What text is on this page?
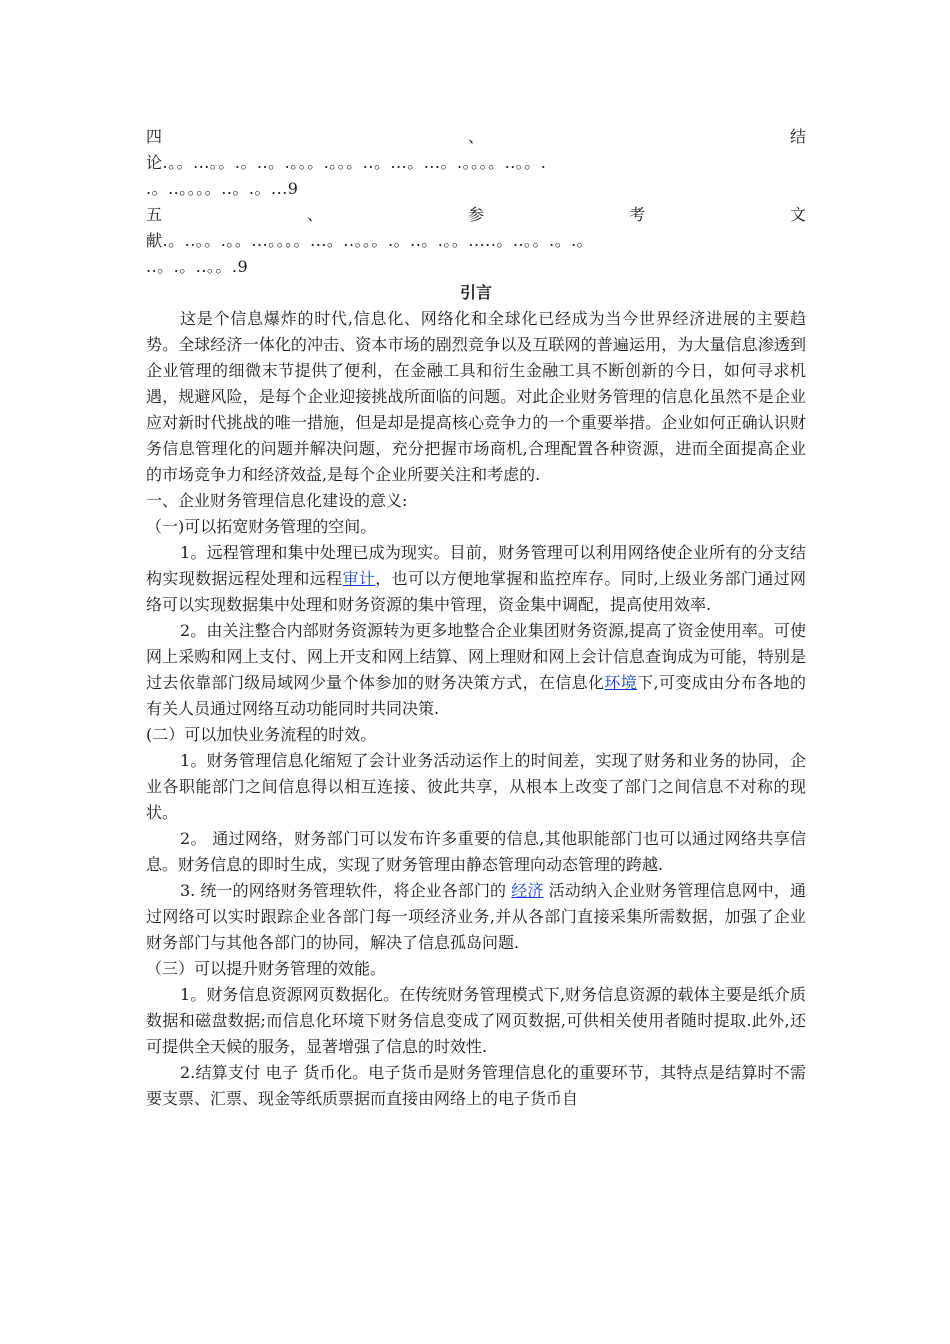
四	、	结
论.。。...。。.。..。.。。。.。。。..。...。...。.。。。。..。。.
.。..。。。。..。.。...9
五	、	参	考	文
献.。..。。.。。...。。。。...。..。。。.。..。.。。.....。..。。.。.。
..。.。..。。.9
引言

这是个信息爆炸的时代,信息化、网络化和全球化已经成为当今世界经济进展的主要趋势。全球经济一体化的冲击、资本市场的剧烈竞争以及互联网的普遍运用，为大量信息渗透到企业管理的细微末节提供了便利，在金融工具和衍生金融工具不断创新的今日，如何寻求机遇，规避风险，是每个企业迎接挑战所面临的问题。对此企业财务管理的信息化虽然不是企业应对新时代挑战的唯一措施，但是却是提高核心竞争力的一个重要举措。企业如何正确认识财务信息管理化的问题并解决问题，充分把握市场商机,合理配置各种资源，进而全面提高企业的市场竞争力和经济效益,是每个企业所要关注和考虑的.

一、企业财务管理信息化建设的意义:
（一)可以拓宽财务管理的空间。

1。远程管理和集中处理已成为现实。目前，财务管理可以利用网络使企业所有的分支结构实现数据远程处理和远程审计，也可以方便地掌握和监控库存。同时,上级业务部门通过网络可以实现数据集中处理和财务资源的集中管理，资金集中调配，提高使用效率.

2。由关注整合内部财务资源转为更多地整合企业集团财务资源,提高了资金使用率。可使网上采购和网上支付、网上开支和网上结算、网上理财和网上会计信息查询成为可能，特别是过去依靠部门级局域网少量个体参加的财务决策方式，在信息化环境下,可变成由分布各地的有关人员通过网络互动功能同时共同决策.

(二）可以加快业务流程的时效。

1。财务管理信息化缩短了会计业务活动运作上的时间差，实现了财务和业务的协同，企业各职能部门之间信息得以相互连接、彼此共享，从根本上改变了部门之间信息不对称的现状。

2。 通过网络，财务部门可以发布许多重要的信息,其他职能部门也可以通过网络共享信息。财务信息的即时生成，实现了财务管理由静态管理向动态管理的跨越.

3. 统一的网络财务管理软件，将企业各部门的 经济 活动纳入企业财务管理信息网中，通过网络可以实时跟踪企业各部门每一项经济业务,并从各部门直接采集所需数据，加强了企业财务部门与其他各部门的协同，解决了信息孤岛问题.

（三）可以提升财务管理的效能。

1。财务信息资源网页数据化。在传统财务管理模式下,财务信息资源的载体主要是纸介质数据和磁盘数据;而信息化环境下财务信息变成了网页数据,可供相关使用者随时提取.此外,还可提供全天候的服务，显著增强了信息的时效性.

2.结算支付 电子 货币化。电子货币是财务管理信息化的重要环节，其特点是结算时不需要支票、汇票、现金等纸质票据而直接由网络上的电子货币自
